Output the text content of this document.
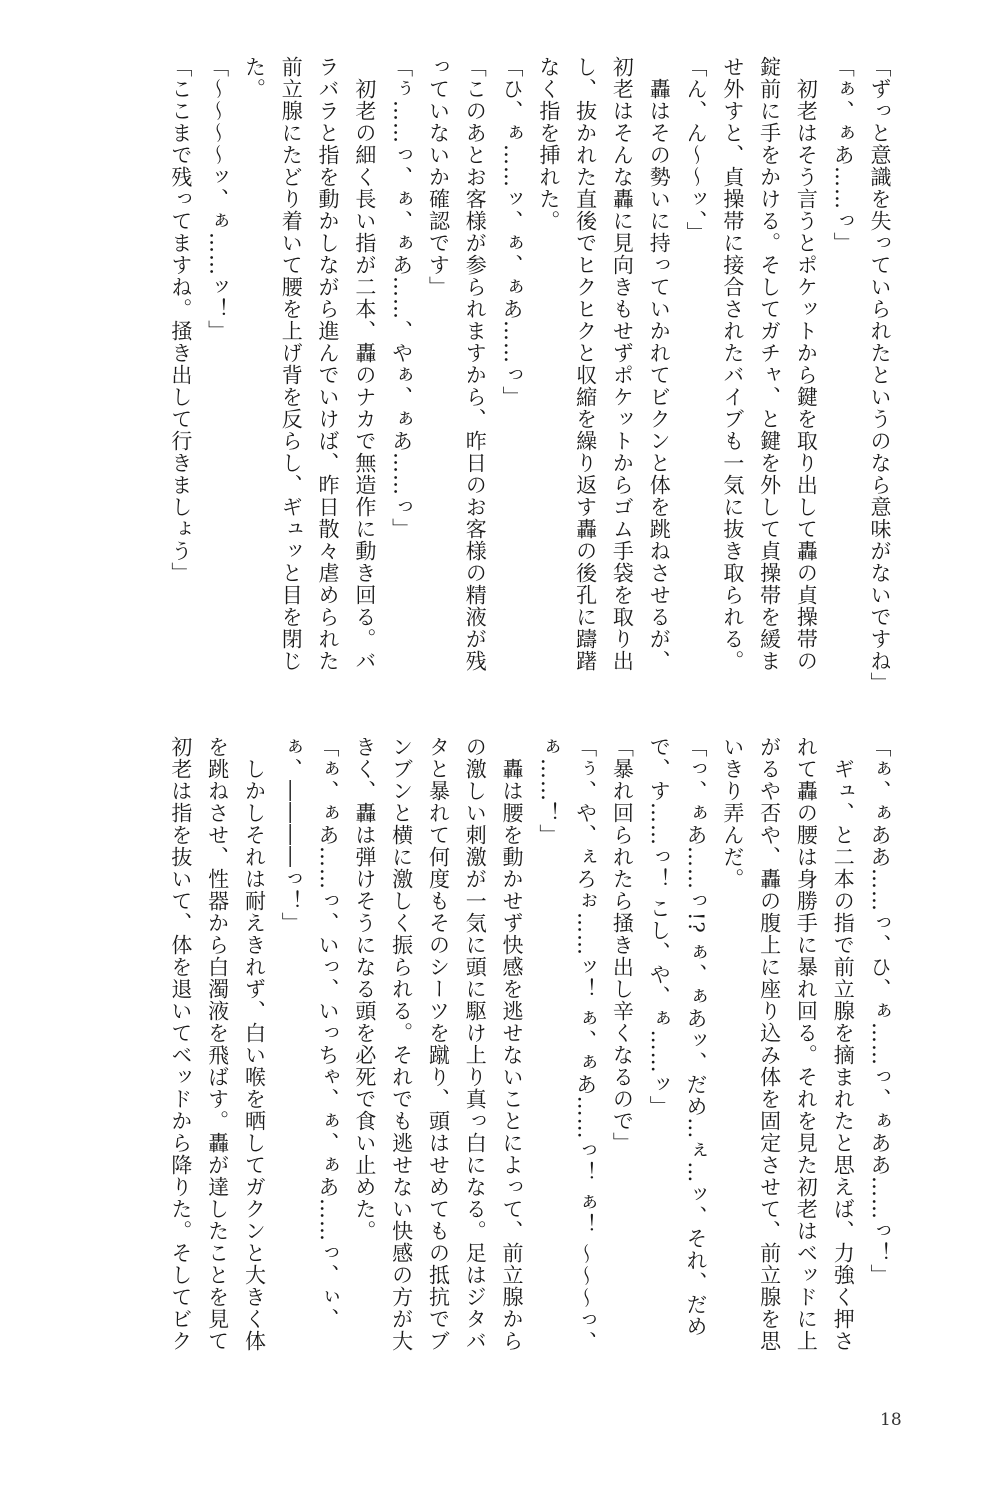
「ずっと意識を失っていられたというのなら意味がないですね」
「ぁ、ぁあ……っ」
　初老はそう言うとポケットから鍵を取り出して轟の貞操帯の
錠前に手をかける。そしてガチャ、と鍵を外して貞操帯を緩ま
せ外すと、貞操帯に接合されたバイブも一気に抜き取られる。
「ん、ん〜〜ッ、」
　轟はその勢いに持っていかれてビクンと体を跳ねさせるが、
初老はそんな轟に見向きもせずポケットからゴム手袋を取り出
し、抜かれた直後でヒクヒクと収縮を繰り返す轟の後孔に躊躇
なく指を挿れた。
「ひ、ぁ……ッ、ぁ、ぁあ……っ」
「このあとお客様が参られますから、昨日のお客様の精液が残
っていないか確認です」
「ぅ……っ、ぁ、ぁあ……、やぁ、ぁあ……っ」
　初老の細く長い指が二本、轟のナカで無造作に動き回る。バ
ラバラと指を動かしながら進んでいけば、昨日散々虐められた
前立腺にたどり着いて腰を上げ背を反らし、ギュッと目を閉じ
た。
「〜〜〜〜ッ、ぁ……ッ！」
「ここまで残ってますね。掻き出して行きましょう」
「ぁ、ぁああ……っ、ひ、ぁ……っ、ぁああ……っ！」
　ギュ、と二本の指で前立腺を摘まれたと思えば、力強く押さ
れて轟の腰は身勝手に暴れ回る。それを見た初老はベッドに上
がるや否や、轟の腹上に座り込み体を固定させて、前立腺を思
いきり弄んだ。
「っ、ぁあ……っ!? ぁ、ぁあッ、だめ…ぇ…ッ、それ、だめ
で、す……っ！ こし、や、ぁ……ッ」
「暴れ回られたら掻き出し辛くなるので」
「ぅ、や、ぇろぉ……ッ！ ぁ、ぁあ……っ！ ぁ！ 〜〜〜っ、
ぁ……！」
　轟は腰を動かせず快感を逃せないことによって、前立腺から
の激しい刺激が一気に頭に駆け上り真っ白になる。足はジタバ
タと暴れて何度もそのシーツを蹴り、頭はせめてもの抵抗でブ
ンブンと横に激しく振られる。それでも逃せない快感の方が大
きく、轟は弾けそうになる頭を必死で食い止めた。
「ぁ、ぁあ……っ、いっ、いっちゃ、ぁ、ぁあ……っ、ぃ、
ぁ、――――っ！」
　しかしそれは耐えきれず、白い喉を晒してガクンと大きく体
を跳ねさせ、性器から白濁液を飛ばす。轟が達したことを見て
初老は指を抜いて、体を退いてベッドから降りた。そしてビク
18
